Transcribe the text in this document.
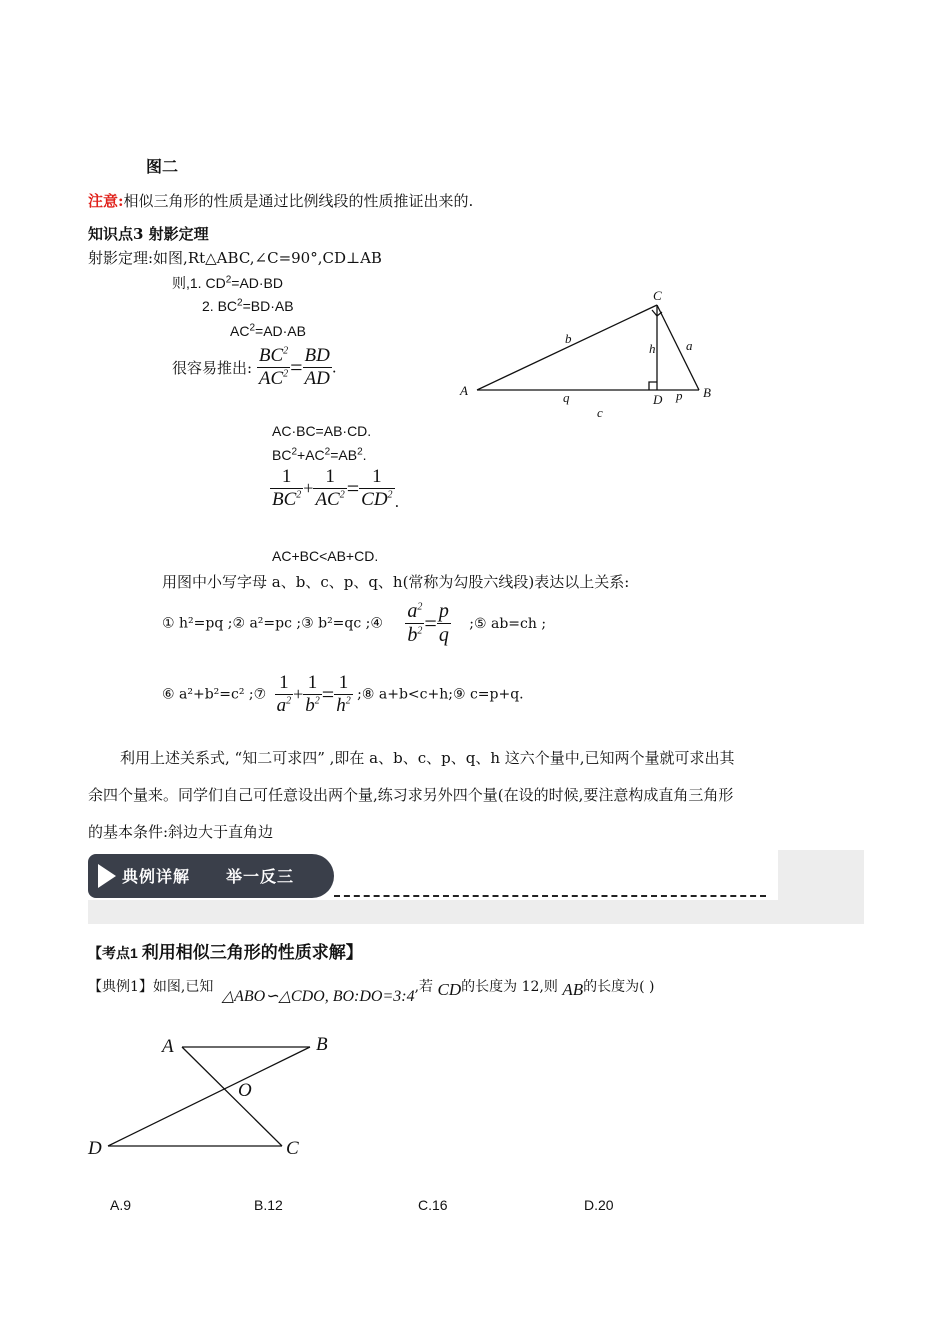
图二
注意:相似三角形的性质是通过比例线段的性质推证出来的.
知识点3 射影定理
射影定理:如图,Rt△ABC,∠C=90°,CD⊥AB
则,1. $CD^2=AD\cdot BD$
2. $BC^2=BD\cdot AB$
$AC^2=AD\cdot AB$
很容易推出: $\frac{BC^2}{AC^2} = \frac{BD}{AD}$ .
AC·BC=AB·CD.
$BC^2+AC^2=AB^2$.
$\frac{1}{BC^2} + \frac{1}{AC^2} = \frac{1}{CD^2}$ .
AC+BC<AB+CD.
C
A	B
D
b	a
h
q	p
c
用图中小写字母 a、b、c、p、q、h(常称为勾股六线段)表达以上关系:
① h²=pq ;② a²=pc ;③ b²=qc ;④ $\frac{a^2}{b^2} = \frac{p}{q}$ ;⑤ ab=ch ;
⑥ a²+b²=c² ;⑦ $\frac{1}{a^2} + \frac{1}{b^2} = \frac{1}{h^2}$ ;⑧ a+b<c+h;⑨ c=p+q.
利用上述关系式, “知二可求四” ,即在 a、b、c、p、q、h 这六个量中,已知两个量就可求出其
余四个量来。同学们自己可任意设出两个量,练习求另外四个量(在设的时候,要注意构成直角三角形
的基本条件:斜边大于直角边
典例详解 举一反三
【考点1 利用相似三角形的性质求解】
【典例1】如图,已知 △ABO∽△CDO, BO:DO=3:4,若 CD的长度为 12,则 AB的长度为( )
A	B
O
D	C
A.9	B.12	C.16	D.20
